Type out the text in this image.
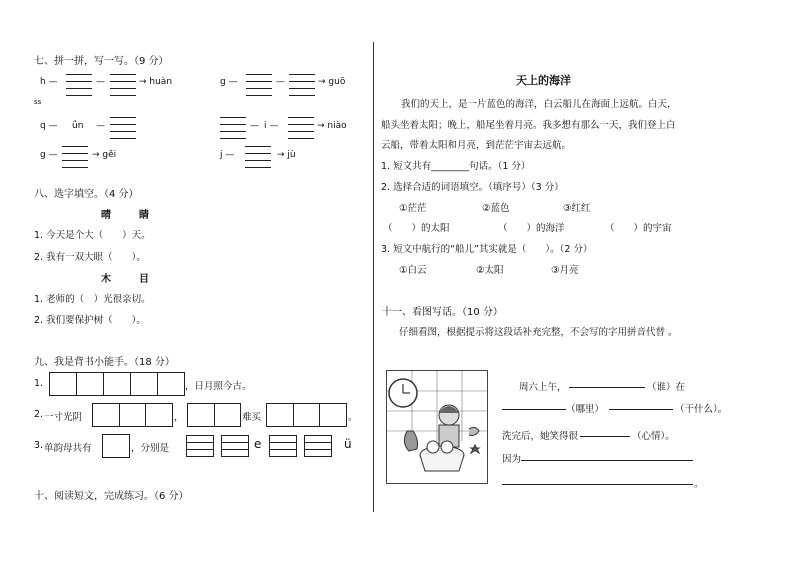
七、拼一拼，写一写。（9 分）
h —	—	→ huàn	g —	—	→ guō
ss
q — ǘn —	— i —	→ niào
g —	→ gěi	j —	→ jù
八、选字填空。（4 分）
晴	睛
1. 今天是个大（　　）天。
2. 我有一双大眼（　　）。
木	目
1. 老师的（　）光很亲切。
2. 我们要保护树（　　）。
九、我是背书小能手。（18 分）
1.	，日月照今古。
2. 一寸光阴	，	难买	。
3. 单韵母共有	，分别是	e	ü
十、阅读短文，完成练习。（6 分）
天上的海洋
我们的天上，是一片蓝色的海洋，白云船儿在海面上远航。白天，
船头坐着太阳；晚上，船尾坐着月亮。我多想有那么一天，我们登上白
云船，带着太阳和月亮，到茫茫宇宙去远航。
1. 短文共有________句话。（1 分）
2. 选择合适的词语填空。（填序号）（3 分）
①茫茫	②蓝色	③红红
（　　）的太阳	（　　）的海洋	（　　）的宇宙
3. 短文中航行的“船儿”其实就是（　　）。（2 分）
①白云	②太阳	③月亮
十一、看图写话。（10 分）
仔细看图，根据提示将这段话补充完整，不会写的字用拼音代替 。
周六上午，	（谁）在
（哪里）	（干什么）。
洗完后，她笑得很	（心情）。
因为
。
